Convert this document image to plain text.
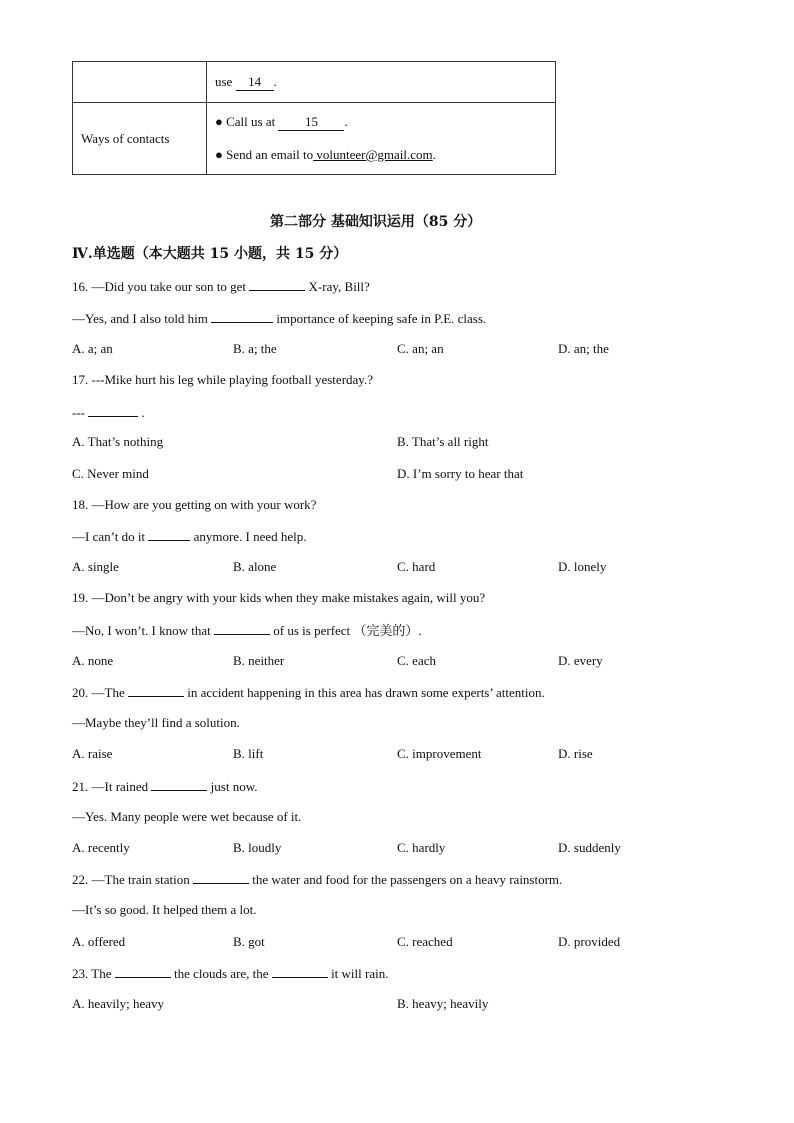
	use 14 .
Ways of contacts	● Call us at 15 .
● Send an email to volunteer@gmail.com.
第二部分 基础知识运用（85 分）
Ⅳ.单选题（本大题共 15 小题，共 15 分）
16. —Did you take our son to get	X-ray, Bill?
—Yes, and I also told him	importance of keeping safe in P.E. class.
A. a; an	B. a; the	C. an; an	D. an; the
17. ---Mike hurt his leg while playing football yesterday.?
---	.
A. That’s nothing	B. That’s all right
C. Never mind	D. I’m sorry to hear that
18. —How are you getting on with your work?
—I can’t do it	anymore. I need help.
A. single	B. alone	C. hard	D. lonely
19. —Don’t be angry with your kids when they make mistakes again, will you?
—No, I won’t. I know that	of us is perfect （完美的）.
A. none	B. neither	C. each	D. every
20. —The	in accident happening in this area has drawn some experts’ attention.
—Maybe they’ll find a solution.
A. raise	B. lift	C. improvement	D. rise
21. —It rained	just now.
—Yes. Many people were wet because of it.
A. recently	B. loudly	C. hardly	D. suddenly
22. —The train station	the water and food for the passengers on a heavy rainstorm.
—It’s so good. It helped them a lot.
A. offered	B. got	C. reached	D. provided
23. The	the clouds are, the	it will rain.
A. heavily; heavy	B. heavy; heavily
